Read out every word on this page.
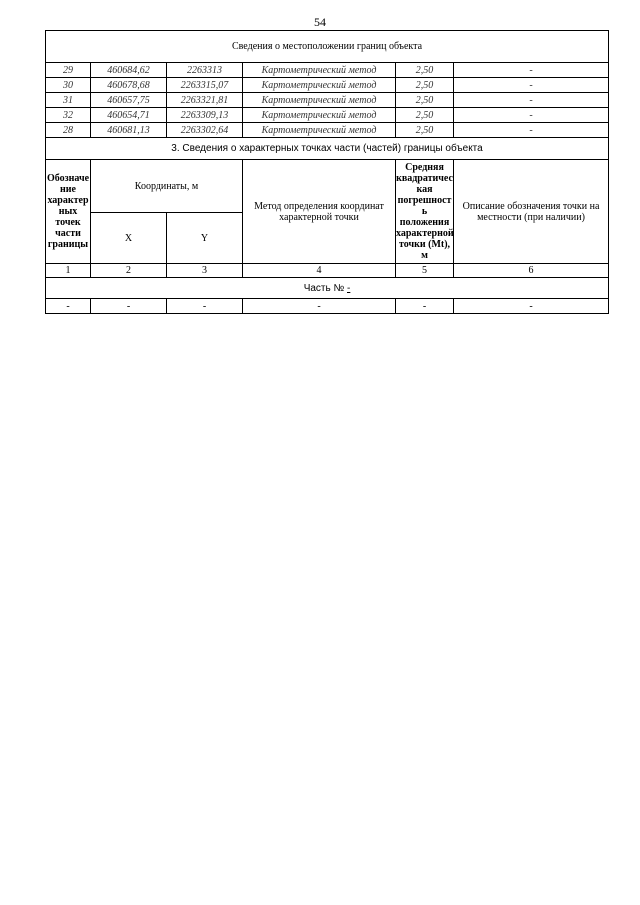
54
Сведения о местоположении границ объекта					
29	460684,62	2263313	Картометрический метод	2,50	-
30	460678,68	2263315,07	Картометрический метод	2,50	-
31	460657,75	2263321,81	Картометрический метод	2,50	-
32	460654,71	2263309,13	Картометрический метод	2,50	-
28	460681,13	2263302,64	Картометрический метод	2,50	-
3. Сведения о характерных точках части (частей) границы объекта					
Обозначе ние характер ных точек части границы	Координаты, м		Метод определения координат характерной точки	Средняя квадратичес кая погрешност ь положения характерной точки (Mt), м	Описание обозначения точки на местности (при наличии)
	X	Y			
1	2	3	4	5	6
Часть № -					
-	-	-	-	-	-
